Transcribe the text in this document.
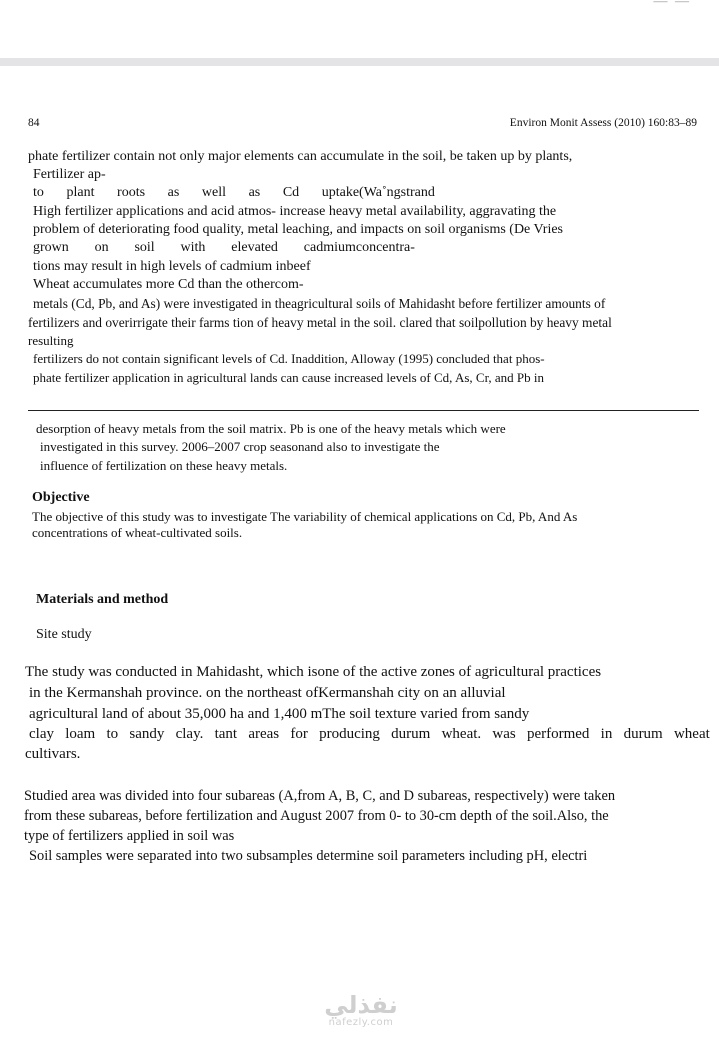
— —
84	Environ Monit Assess (2010) 160:83–89
phate fertilizer contain not only major elements can accumulate in the soil, be taken up by plants,
Fertilizer ap-
to plant roots as well as Cd uptake(Wa˚ngstrand
High fertilizer applications and acid atmos- increase heavy metal availability, aggravating the
problem of deteriorating food quality, metal leaching, and impacts on soil organisms (De Vries
grown on soil with elevated cadmiumconcentra-
tions may result in high levels of cadmium inbeef
Wheat accumulates more Cd than the othercom-
metals (Cd, Pb, and As) were investigated in theagricultural soils of Mahidasht before fertilizer amounts of
fertilizers and overirrigate their farms tion of heavy metal in the soil. clared that soilpollution by heavy metal
resulting
fertilizers do not contain significant levels of Cd. Inaddition, Alloway (1995) concluded that phos-
phate fertilizer application in agricultural lands can cause increased levels of Cd, As, Cr, and Pb in
desorption of heavy metals from the soil matrix. Pb is one of the heavy metals which were
investigated in this survey. 2006–2007 crop seasonand also to investigate the
influence of fertilization on these heavy metals.
Objective
The objective of this study was to investigate The variability of chemical applications on Cd, Pb, And As
concentrations of wheat-cultivated soils.
Materials and method
Site study
The study was conducted in Mahidasht, which isone of the active zones of agricultural practices
in the Kermanshah province. on the northeast ofKermanshah city on an alluvial
agricultural land of about 35,000 ha and 1,400 mThe soil texture varied from sandy
clay loam to sandy clay. tant areas for producing durum wheat. was performed in durum wheat
cultivars.
Studied area was divided into four subareas (A,from A, B, C, and D subareas, respectively) were taken
from these subareas, before fertilization and August 2007 from 0- to 30-cm depth of the soil.Also, the
type of fertilizers applied in soil was
Soil samples were separated into two subsamples determine soil parameters including pH, electri
نفذلي
nafezly.com
